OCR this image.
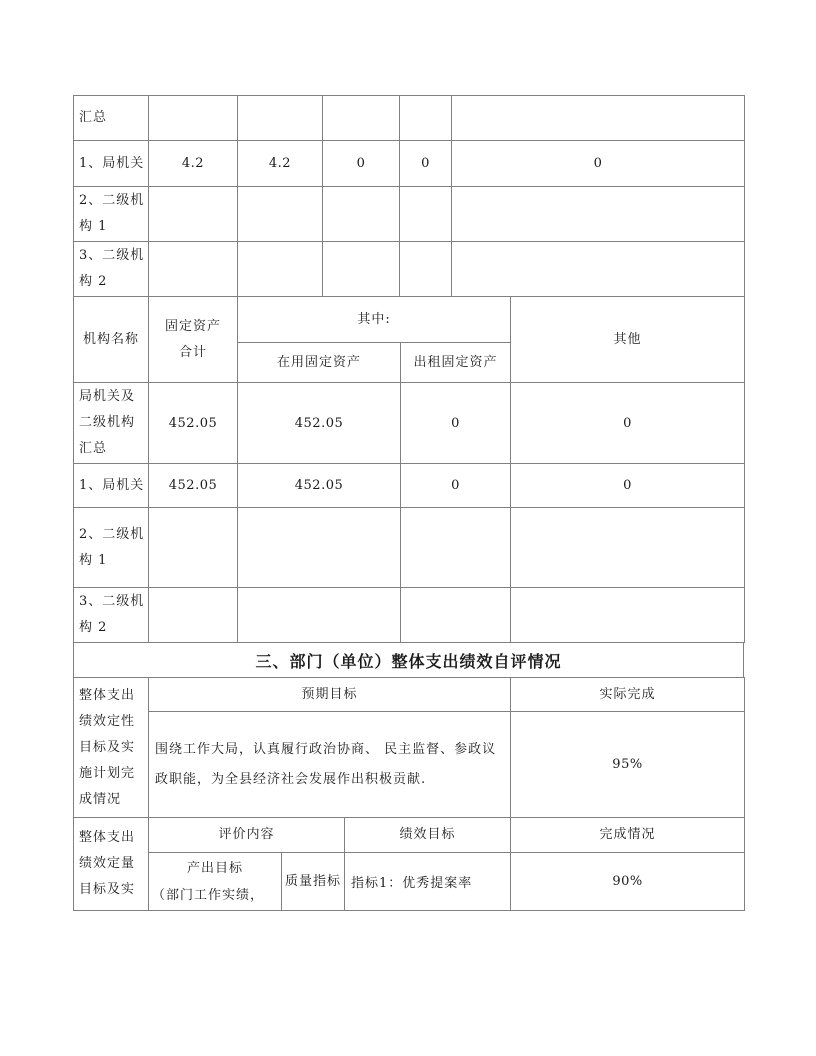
汇总					
1、局机关	4.2	4.2	0	0	0
2、二级机构 1					
3、二级机构 2					
机构名称	固定资产合计	其中:		其他
		在用固定资产	出租固定资产	
局机关及二级机构汇总	452.05	452.05	0	0
1、局机关	452.05	452.05	0	0
2、二级机构 1				
3、二级机构 2				
三、部门（单位）整体支出绩效自评情况
整体支出绩效定性目标及实施计划完成情况	预期目标	实际完成
	围绕工作大局，认真履行政治协商、 民主监督、参政议政职能，为全县经济社会发展作出积极贡献.	95%
整体支出绩效定量目标及实	评价内容		绩效目标	完成情况

	产出目标
（部门工作实绩，	质量指标	指标1：优秀提案率	90%
